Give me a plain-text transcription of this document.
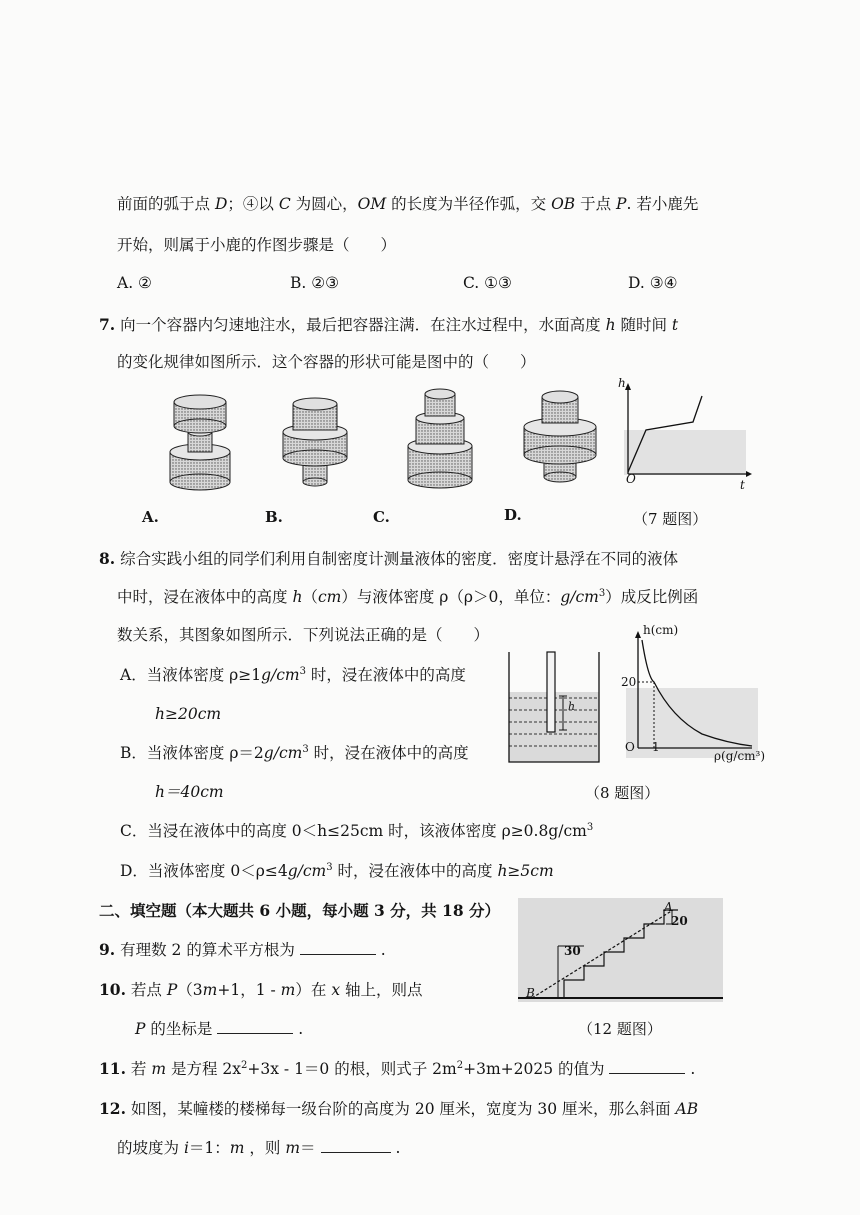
前面的弧于点 D；④以 C 为圆心，OM 的长度为半径作弧，交 OB 于点 P. 若小鹿先
开始，则属于小鹿的作图步骤是（　　）
A. ②	B. ②③	C. ①③	D. ③④
7. 向一个容器内匀速地注水，最后把容器注满．在注水过程中，水面高度 h 随时间 t
的变化规律如图所示．这个容器的形状可能是图中的（　　）
h
t
O
A.	B.	C.	D.	（7 题图）
8. 综合实践小组的同学们利用自制密度计测量液体的密度．密度计悬浮在不同的液体
中时，浸在液体中的高度 h（cm）与液体密度 ρ（ρ＞0，单位：$g/cm^3$）成反比例函
数关系，其图象如图所示．下列说法正确的是（　　）
A．当液体密度 $\rho\ge 1g/cm^3$ 时，浸在液体中的高度
h≥20cm
B．当液体密度 $\rho=2g/cm^3$ 时，浸在液体中的高度
h＝40cm
C．当浸在液体中的高度 0＜h≤25cm 时，该液体密度 $\rho\ge 0.8g/cm^3$
D．当液体密度 $0<\rho\le 4g/cm^3$ 时，浸在液体中的高度 h≥5cm
h
h(cm)
20
O 1
ρ(g/cm³)
（8 题图）
二、填空题（本大题共 6 小题，每小题 3 分，共 18 分）
9. 有理数 2 的算术平方根为	.
10. 若点 P（3m+1，1 - m）在 x 轴上，则点
P 的坐标是	.
A
B
30
20
（12 题图）
11. 若 m 是方程 $2x^2+3x - 1=0$ 的根，则式子 $2m^2+3m+2025$ 的值为	.
12. 如图，某幢楼的楼梯每一级台阶的高度为 20 厘米，宽度为 30 厘米，那么斜面 AB
的坡度为 i＝1：m ，则 m＝	.
